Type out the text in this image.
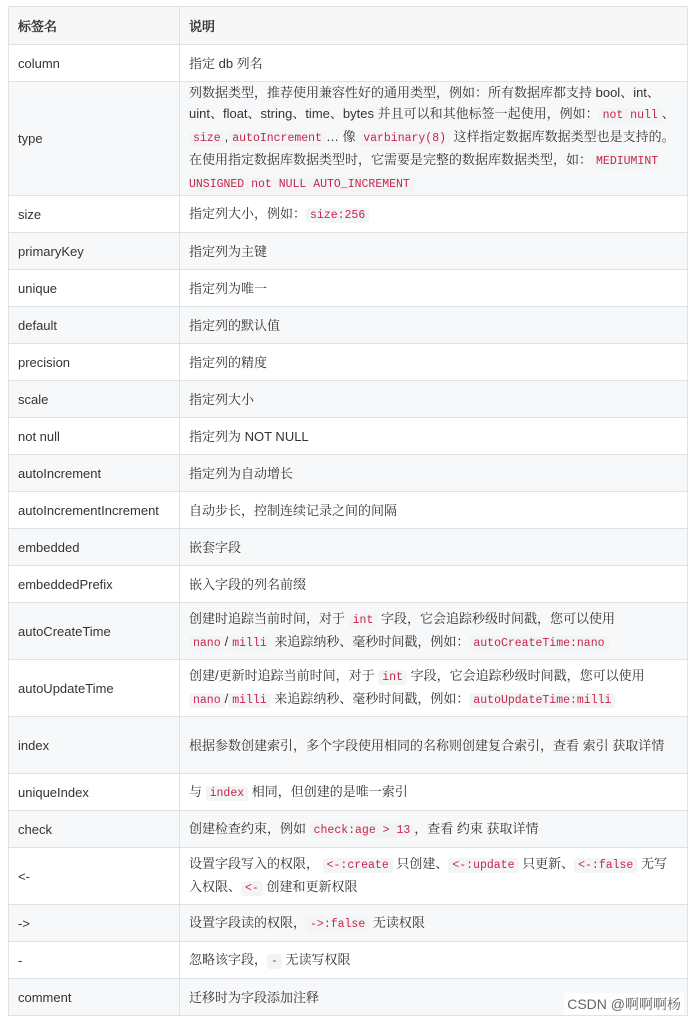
标签名	说明
column	指定 db 列名
type	列数据类型，推荐使用兼容性好的通用类型，例如：所有数据库都支持 bool、int、uint、float、string、time、bytes 并且可以和其他标签一起使用，例如： not null 、size , autoIncrement … 像 varbinary(8) 这样指定数据库数据类型也是支持的。在使用指定数据库数据类型时，它需要是完整的数据库数据类型，如： MEDIUMINT UNSIGNED not NULL AUTO_INCREMENT
size	指定列大小，例如： size:256
primaryKey	指定列为主键
unique	指定列为唯一
default	指定列的默认值
precision	指定列的精度
scale	指定列大小
not null	指定列为 NOT NULL
autoIncrement	指定列为自动增长
autoIncrementIncrement	自动步长，控制连续记录之间的间隔
embedded	嵌套字段
embeddedPrefix	嵌入字段的列名前缀
autoCreateTime	创建时追踪当前时间，对于 int 字段，它会追踪秒级时间戳，您可以使用 nano / milli 来追踪纳秒、毫秒时间戳，例如： autoCreateTime:nano
autoUpdateTime	创建/更新时追踪当前时间，对于 int 字段，它会追踪秒级时间戳，您可以使用 nano / milli 来追踪纳秒、毫秒时间戳，例如： autoUpdateTime:milli
index	根据参数创建索引，多个字段使用相同的名称则创建复合索引，查看 索引 获取详情
uniqueIndex	与 index 相同，但创建的是唯一索引
check	创建检查约束，例如 check:age > 13 ，查看 约束 获取详情
<-	设置字段写入的权限， <-:create 只创建、 <-:update 只更新、 <-:false 无写入权限、 <- 创建和更新权限
->	设置字段读的权限， ->:false 无读权限
-	忽略该字段， - 无读写权限
comment	迁移时为字段添加注释	CSDN @啊啊啊杨
